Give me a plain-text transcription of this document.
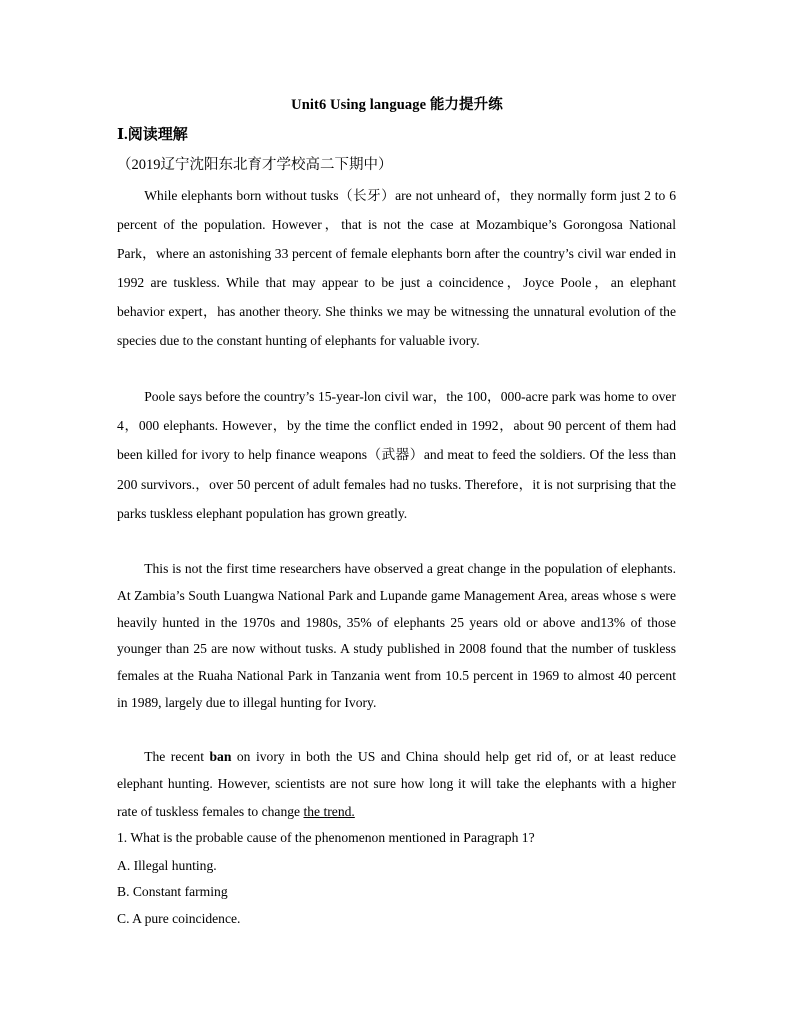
Unit6 Using language 能力提升练
Ⅰ.阅读理解
（2019辽宁沈阳东北育才学校高二下期中）

While elephants born without tusks（长牙）are not unheard of，they normally form just 2 to 6 percent of the population. However，that is not the case at Mozambique’s Gorongosa National Park，where an astonishing 33 percent of female elephants born after the country’s civil war ended in 1992 are tuskless. While that may appear to be just a coincidence，Joyce Poole，an elephant behavior expert，has another theory. She thinks we may be witnessing the unnatural evolution of the species due to the constant hunting of elephants for valuable ivory.

Poole says before the country’s 15-year-lon civil war，the 100，000-acre park was home to over 4，000 elephants. However，by the time the conflict ended in 1992，about 90 percent of them had been killed for ivory to help finance weapons（武器）and meat to feed the soldiers. Of the less than 200 survivors.，over 50 percent of adult females had no tusks. Therefore，it is not surprising that the parks tuskless elephant population has grown greatly.

This is not the first time researchers have observed a great change in the population of elephants. At Zambia’s South Luangwa National Park and Lupande game Management Area, areas whose s were heavily hunted in the 1970s and 1980s, 35% of elephants 25 years old or above and13% of those younger than 25 are now without tusks. A study published in 2008 found that the number of tuskless females at the Ruaha National Park in Tanzania went from 10.5 percent in 1969 to almost 40 percent in 1989, largely due to illegal hunting for Ivory.

The recent ban on ivory in both the US and China should help get rid of, or at least reduce elephant hunting. However, scientists are not sure how long it will take the elephants with a higher rate of tuskless females to change the trend.

1. What is the probable cause of the phenomenon mentioned in Paragraph 1?
A. Illegal hunting.
B. Constant farming
C. A pure coincidence.
